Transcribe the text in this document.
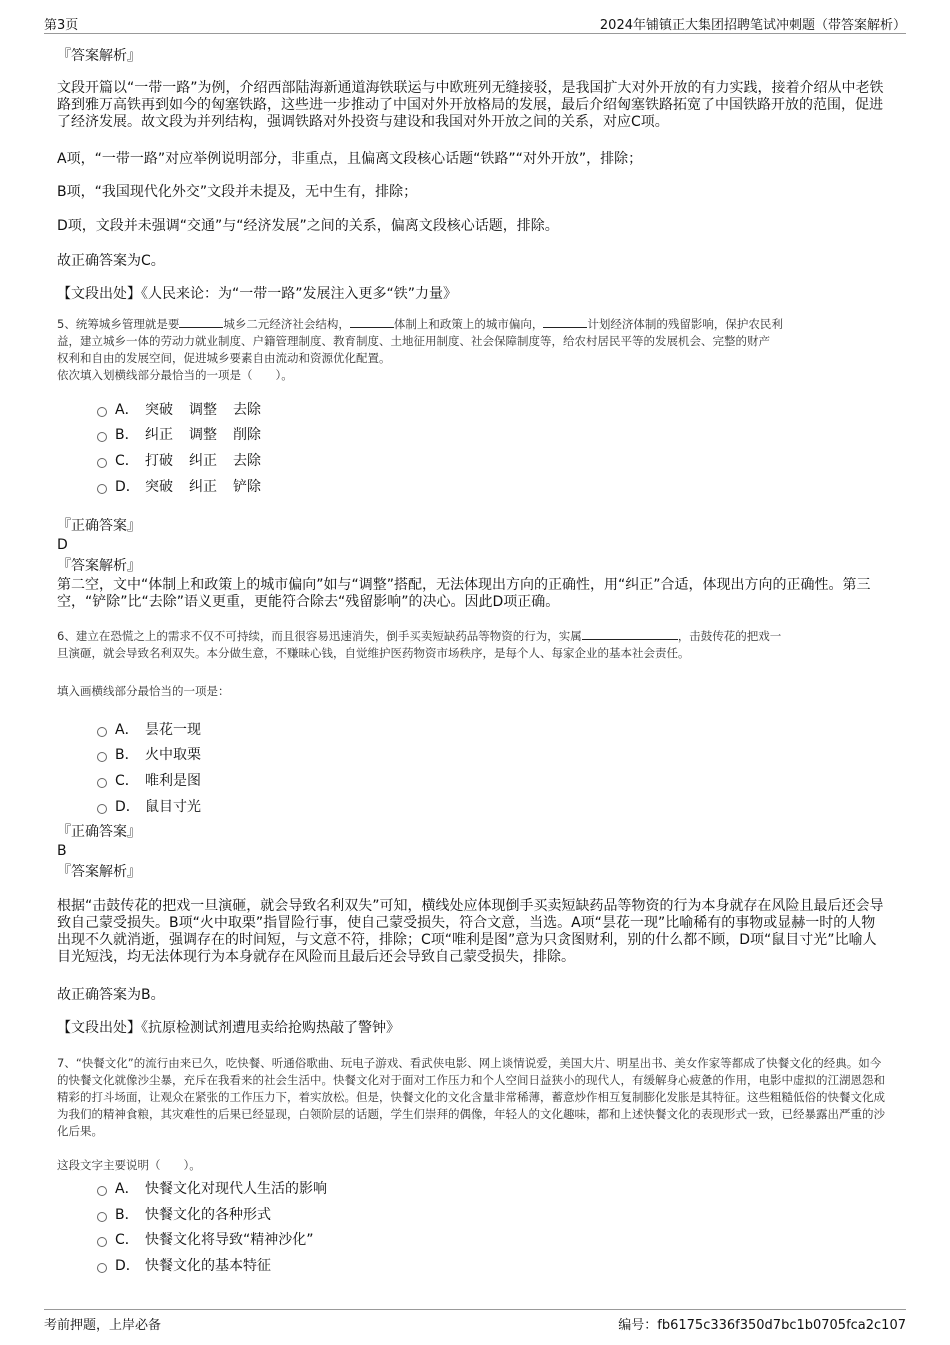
第3页	2024年铺镇正大集团招聘笔试冲刺题（带答案解析）
『答案解析』
文段开篇以“一带一路”为例，介绍西部陆海新通道海铁联运与中欧班列无缝接驳，是我国扩大对外开放的有力实践，接着介绍从中老铁路到雅万高铁再到如今的匈塞铁路，这些进一步推动了中国对外开放格局的发展，最后介绍匈塞铁路拓宽了中国铁路开放的范围，促进了经济发展。故文段为并列结构，强调铁路对外投资与建设和我国对外开放之间的关系，对应C项。
A项，“一带一路”对应举例说明部分，非重点，且偏离文段核心话题“铁路”“对外开放”，排除；
B项，“我国现代化外交”文段并未提及，无中生有，排除；
D项，文段并未强调“交通”与“经济发展”之间的关系，偏离文段核心话题，排除。
故正确答案为C。
【文段出处】《人民来论：为“一带一路”发展注入更多“铁”力量》
5、统筹城乡管理就是要	城乡二元经济社会结构，	体制上和政策上的城市偏向，	计划经济体制的残留影响，保护农民利
益，建立城乡一体的劳动力就业制度、户籍管理制度、教育制度、土地征用制度、社会保障制度等，给农村居民平等的发展机会、完整的财产
权利和自由的发展空间，促进城乡要素自由流动和资源优化配置。
依次填入划横线部分最恰当的一项是（　　）。
A． 突破 调整 去除
B． 纠正 调整 削除
C． 打破 纠正 去除
D． 突破 纠正 铲除
『正确答案』
D
『答案解析』
第二空，文中“体制上和政策上的城市偏向”如与“调整”搭配，无法体现出方向的正确性，用“纠正”合适，体现出方向的正确性。第三空，“铲除”比“去除”语义更重，更能符合除去“残留影响”的决心。因此D项正确。
6、建立在恐慌之上的需求不仅不可持续，而且很容易迅速消失，倒手买卖短缺药品等物资的行为，实属	，击鼓传花的把戏一
旦演砸，就会导致名利双失。本分做生意，不赚昧心钱，自觉维护医药物资市场秩序，是每个人、每家企业的基本社会责任。
填入画横线部分最恰当的一项是：
A． 昙花一现
B． 火中取栗
C． 唯利是图
D． 鼠目寸光
『正确答案』
B
『答案解析』
根据“击鼓传花的把戏一旦演砸，就会导致名利双失”可知，横线处应体现倒手买卖短缺药品等物资的行为本身就存在风险且最后还会导致自己蒙受损失。B项“火中取栗”指冒险行事，使自己蒙受损失，符合文意，当选。A项“昙花一现”比喻稀有的事物或显赫一时的人物出现不久就消逝，强调存在的时间短，与文意不符，排除；C项“唯利是图”意为只贪图财利，别的什么都不顾，D项“鼠目寸光”比喻人目光短浅，均无法体现行为本身就存在风险而且最后还会导致自己蒙受损失，排除。
故正确答案为B。
【文段出处】《抗原检测试剂遭甩卖给抢购热敲了警钟》
7、“快餐文化”的流行由来已久，吃快餐、听通俗歌曲、玩电子游戏、看武侠电影、网上谈情说爱，美国大片、明星出书、美女作家等都成了快餐文化的经典。如今的快餐文化就像沙尘暴，充斥在我看来的社会生活中。快餐文化对于面对工作压力和个人空间日益狭小的现代人，有缓解身心疲惫的作用，电影中虚拟的江湖恩怨和精彩的打斗场面，让观众在紧张的工作压力下，着实放松。但是，快餐文化的文化含量非常稀薄，蓄意炒作相互复制膨化发胀是其特征。这些粗糙低俗的快餐文化成为我们的精神食粮，其灾难性的后果已经显现，白领阶层的话题，学生们崇拜的偶像，年轻人的文化趣味，都和上述快餐文化的表现形式一致，已经暴露出严重的沙化后果。
这段文字主要说明（　　）。
A． 快餐文化对现代人生活的影响
B． 快餐文化的各种形式
C． 快餐文化将导致“精神沙化”
D． 快餐文化的基本特征
考前押题，上岸必备	编号：fb6175c336f350d7bc1b0705fca2c107
